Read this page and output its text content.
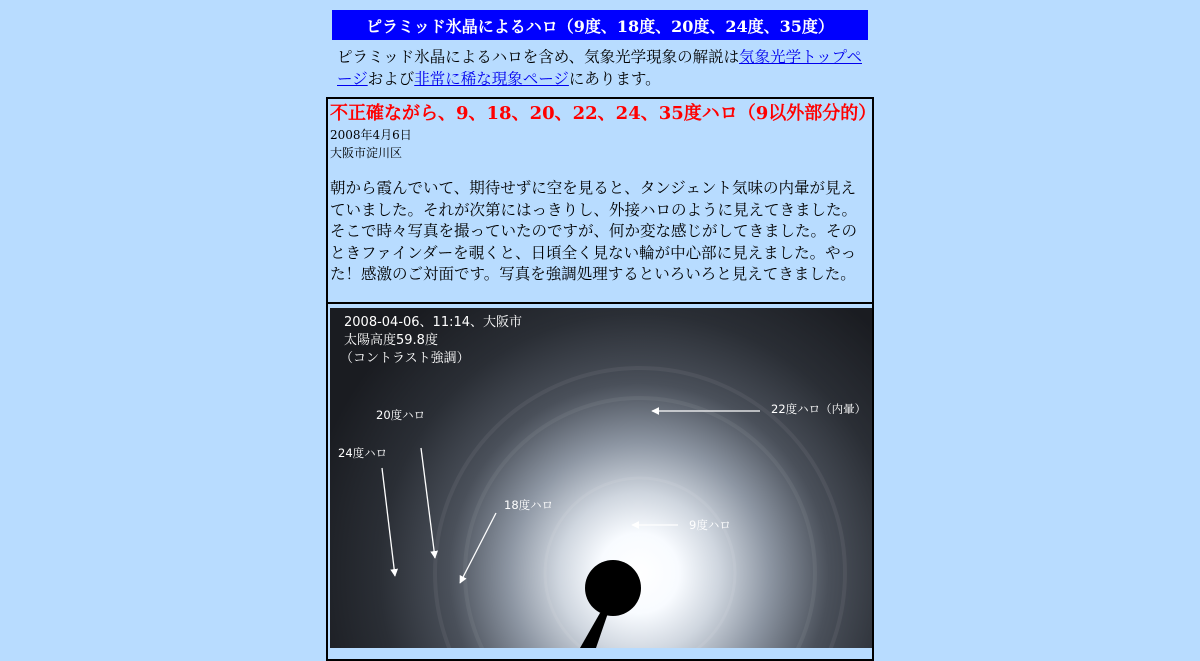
ピラミッド氷晶によるハロ（9度、18度、20度、24度、35度）
ピラミッド氷晶によるハロを含め、気象光学現象の解説は気象光学トップページおよび非常に稀な現象ページにあります。
不正確ながら、9、18、20、22、24、35度ハロ（9以外部分的）
2008年4月6日
大阪市淀川区
朝から霞んでいて、期待せずに空を見ると、タンジェント気味の内暈が見えていました。それが次第にはっきりし、外接ハロのように見えてきました。そこで時々写真を撮っていたのですが、何か変な感じがしてきました。そのときファインダーを覗くと、日頃全く見ない輪が中心部に見えました。やった！感激のご対面です。写真を強調処理するといろいろと見えてきました。
2008-04-06、11:14、大阪市
太陽高度59.8度
（コントラスト強調）
22度ハロ（内暈）
20度ハロ
24度ハロ
18度ハロ
9度ハロ
